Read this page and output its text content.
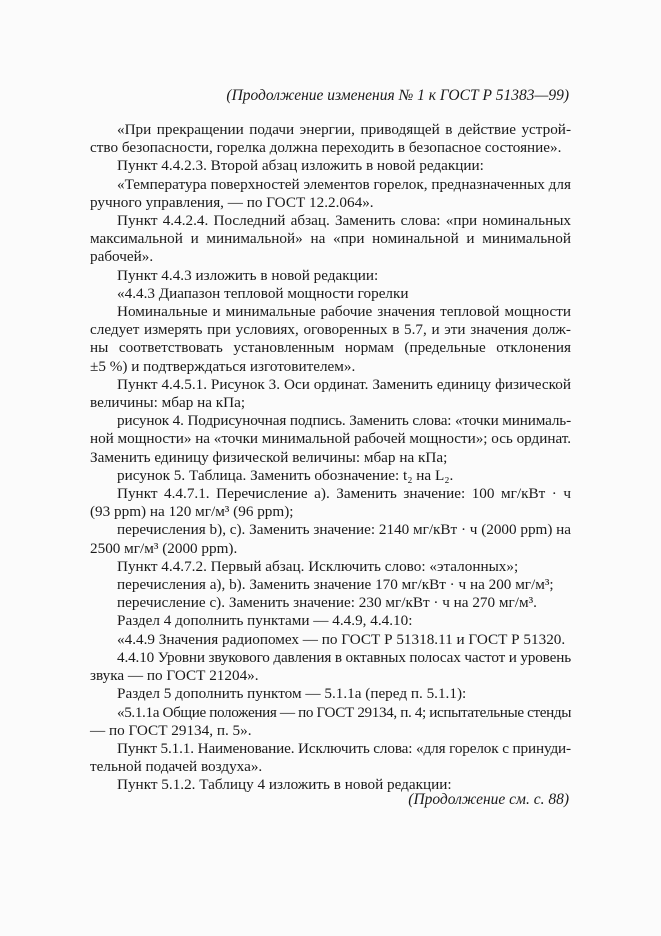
(Продолжение изменения № 1 к ГОСТ Р 51383—99)
«При прекращении подачи энергии, приводящей в действие устрой-
ство безопасности, горелка должна переходить в безопасное состояние».
Пункт 4.4.2.3. Второй абзац изложить в новой редакции:
«Температура поверхностей элементов горелок, предназначенных для
ручного управления, — по ГОСТ 12.2.064».
Пункт 4.4.2.4. Последний абзац. Заменить слова: «при номинальных
максимальной и минимальной» на «при номинальной и минимальной
рабочей».
Пункт 4.4.3 изложить в новой редакции:
«4.4.3 Диапазон тепловой мощности горелки
Номинальные и минимальные рабочие значения тепловой мощности
следует измерять при условиях, оговоренных в 5.7, и эти значения долж-
ны соответствовать установленным нормам (предельные отклонения
±5 %) и подтверждаться изготовителем».
Пункт 4.4.5.1. Рисунок 3. Оси ординат. Заменить единицу физической
величины: мбар на кПа;
рисунок 4. Подрисуночная подпись. Заменить слова: «точки минималь-
ной мощности» на «точки минимальной рабочей мощности»; ось ординат.
Заменить единицу физической величины: мбар на кПа;
рисунок 5. Таблица. Заменить обозначение: t₂ на L₂.
Пункт 4.4.7.1. Перечисление а). Заменить значение: 100 мг/кВт · ч
(93 ppm) на 120 мг/м³ (96 ppm);
перечисления b), с). Заменить значение: 2140 мг/кВт · ч (2000 ppm) на
2500 мг/м³ (2000 ppm).
Пункт 4.4.7.2. Первый абзац. Исключить слово: «эталонных»;
перечисления а), b). Заменить значение 170 мг/кВт · ч на 200 мг/м³;
перечисление с). Заменить значение: 230 мг/кВт · ч на 270 мг/м³.
Раздел 4 дополнить пунктами — 4.4.9, 4.4.10:
«4.4.9 Значения радиопомех — по ГОСТ Р 51318.11 и ГОСТ Р 51320.
4.4.10 Уровни звукового давления в октавных полосах частот и уровень
звука — по ГОСТ 21204».
Раздел 5 дополнить пунктом — 5.1.1а (перед п. 5.1.1):
«5.1.1а Общие положения — по ГОСТ 29134, п. 4; испытательные стенды
— по ГОСТ 29134, п. 5».
Пункт 5.1.1. Наименование. Исключить слова: «для горелок с принуди-
тельной подачей воздуха».
Пункт 5.1.2. Таблицу 4 изложить в новой редакции:
(Продолжение см. с. 88)
